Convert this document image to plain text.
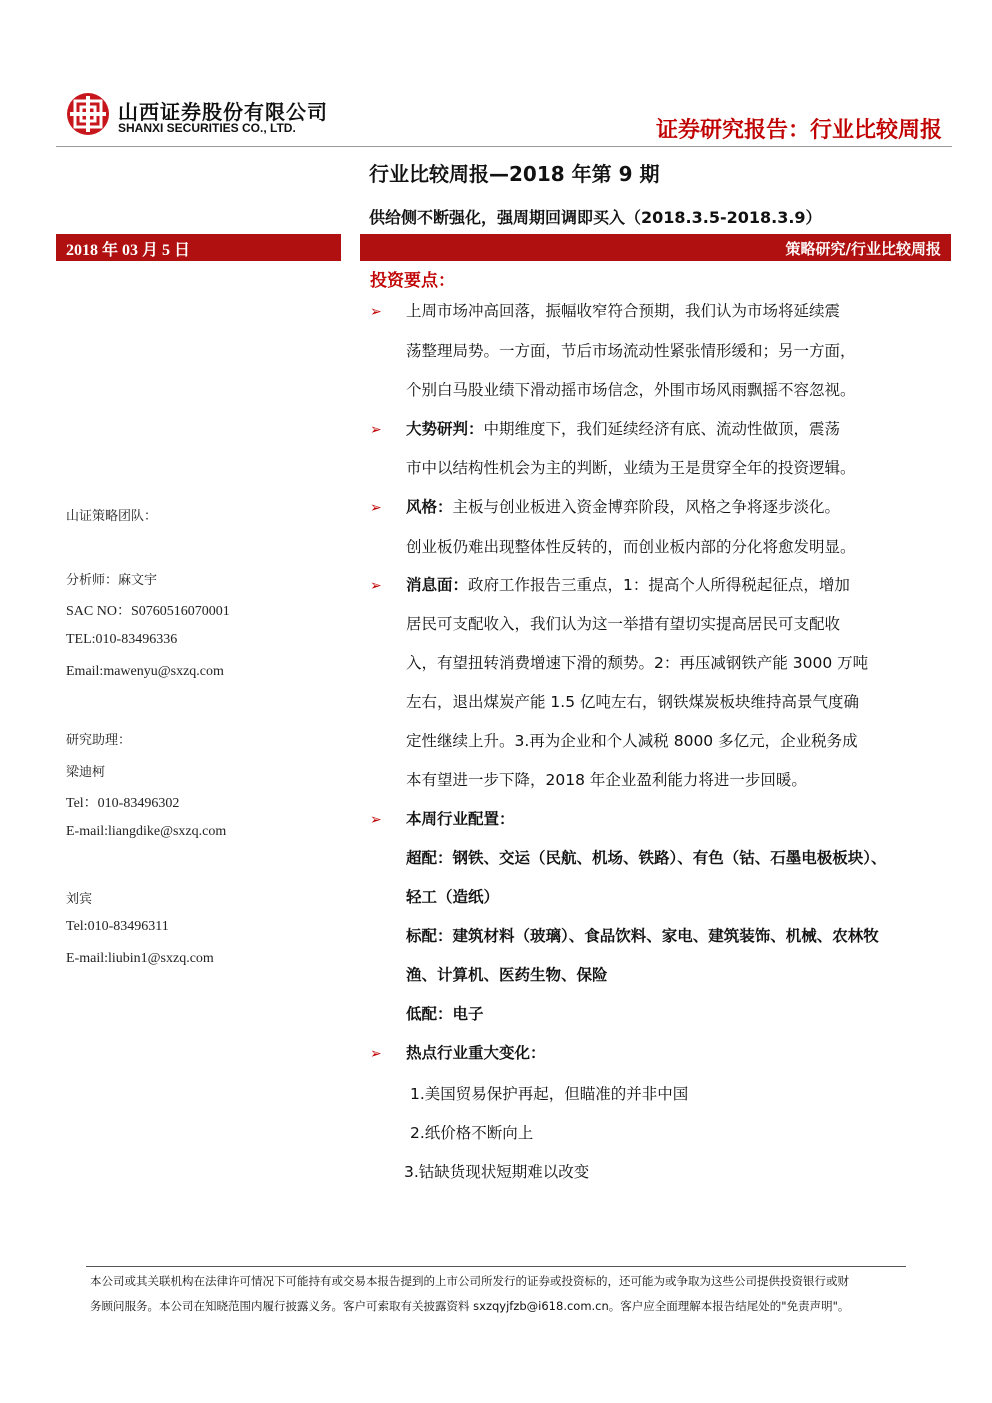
山西证券股份有限公司
SHANXI SECURITIES CO., LTD.	证券研究报告：行业比较周报
行业比较周报—2018 年第 9 期
供给侧不断强化，强周期回调即买入（2018.3.5-2018.3.9）
2018 年 03 月 5 日	策略研究/行业比较周报
山证策略团队：
分析师：麻文宇
SAC NO：S0760516070001
TEL:010-83496336
Email:mawenyu@sxzq.com
研究助理：
梁迪柯
Tel：010-83496302
E-mail:liangdike@sxzq.com
刘宾
Tel:010-83496311
E-mail:liubin1@sxzq.com
投资要点：
➢ 上周市场冲高回落，振幅收窄符合预期，我们认为市场将延续震
荡整理局势。一方面，节后市场流动性紧张情形缓和；另一方面，
个别白马股业绩下滑动摇市场信念，外围市场风雨飘摇不容忽视。
➢ 大势研判：中期维度下，我们延续经济有底、流动性做顶，震荡
市中以结构性机会为主的判断，业绩为王是贯穿全年的投资逻辑。
➢ 风格：主板与创业板进入资金博弈阶段，风格之争将逐步淡化。
创业板仍难出现整体性反转的，而创业板内部的分化将愈发明显。
➢ 消息面：政府工作报告三重点，1：提高个人所得税起征点，增加
居民可支配收入，我们认为这一举措有望切实提高居民可支配收
入，有望扭转消费增速下滑的颓势。2：再压减钢铁产能 3000 万吨
左右，退出煤炭产能 1.5 亿吨左右，钢铁煤炭板块维持高景气度确
定性继续上升。3.再为企业和个人减税 8000 多亿元，企业税务成
本有望进一步下降，2018 年企业盈利能力将进一步回暖。
➢ 本周行业配置：
超配：钢铁、交运（民航、机场、铁路）、有色（钴、石墨电极板块）、
轻工（造纸）
标配：建筑材料（玻璃）、食品饮料、家电、建筑装饰、机械、农林牧
渔、计算机、医药生物、保险
低配：电子
➢ 热点行业重大变化：
1.美国贸易保护再起，但瞄准的并非中国
2.纸价格不断向上
3.钴缺货现状短期难以改变
本公司或其关联机构在法律许可情况下可能持有或交易本报告提到的上市公司所发行的证券或投资标的，还可能为或争取为这些公司提供投资银行或财
务顾问服务。本公司在知晓范围内履行披露义务。客户可索取有关披露资料 sxzqyjfzb@i618.com.cn。客户应全面理解本报告结尾处的"免责声明"。
